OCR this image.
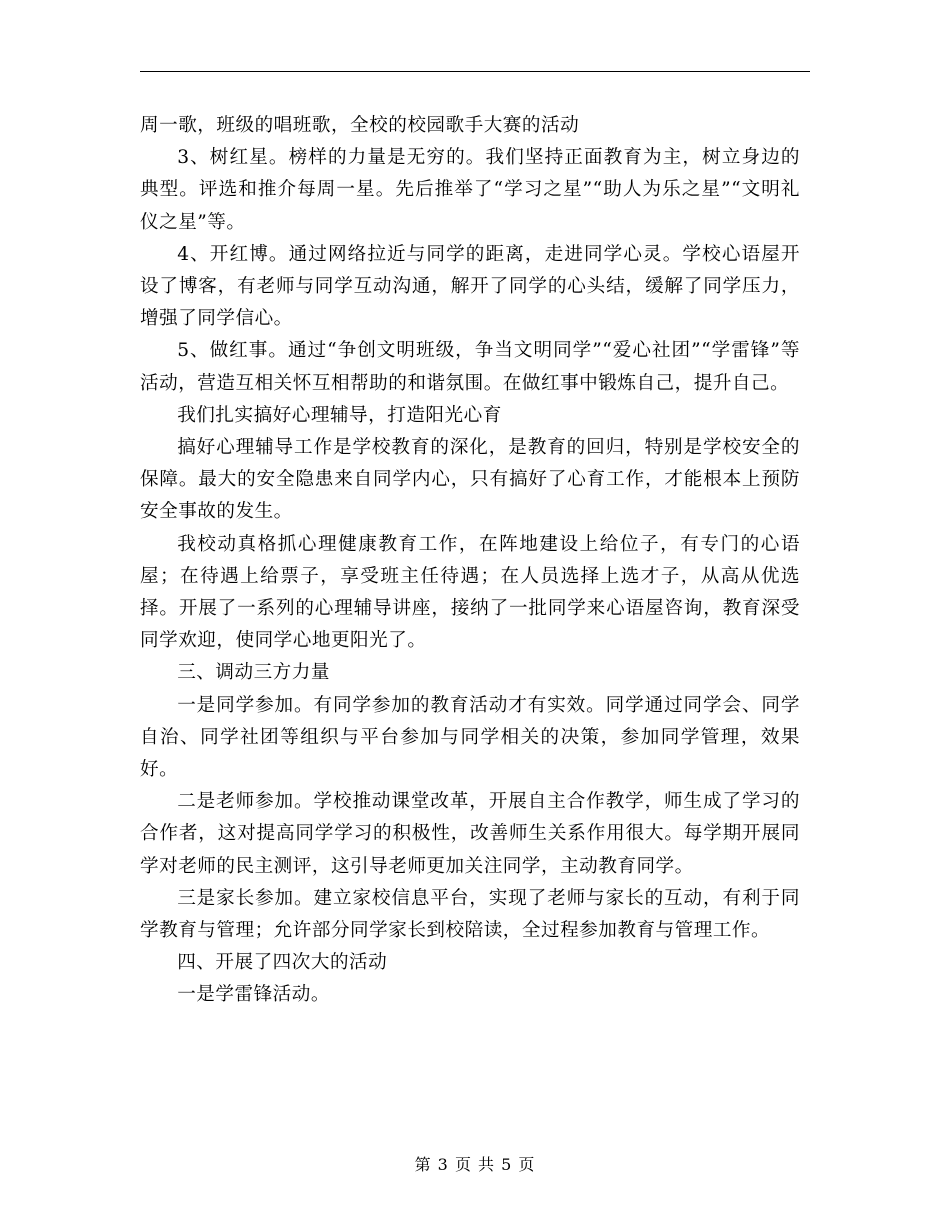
周一歌，班级的唱班歌，全校的校园歌手大赛的活动

3、树红星。榜样的力量是无穷的。我们坚持正面教育为主，树立身边的典型。评选和推介每周一星。先后推举了“学习之星”“助人为乐之星”“文明礼仪之星”等。

4、开红博。通过网络拉近与同学的距离，走进同学心灵。学校心语屋开设了博客，有老师与同学互动沟通，解开了同学的心头结，缓解了同学压力，增强了同学信心。

5、做红事。通过“争创文明班级，争当文明同学”“爱心社团”“学雷锋”等活动，营造互相关怀互相帮助的和谐氛围。在做红事中锻炼自己，提升自己。

我们扎实搞好心理辅导，打造阳光心育

搞好心理辅导工作是学校教育的深化，是教育的回归，特别是学校安全的保障。最大的安全隐患来自同学内心，只有搞好了心育工作，才能根本上预防安全事故的发生。

我校动真格抓心理健康教育工作，在阵地建设上给位子，有专门的心语屋；在待遇上给票子，享受班主任待遇；在人员选择上选才子，从高从优选择。开展了一系列的心理辅导讲座，接纳了一批同学来心语屋咨询，教育深受同学欢迎，使同学心地更阳光了。

三、调动三方力量

一是同学参加。有同学参加的教育活动才有实效。同学通过同学会、同学自治、同学社团等组织与平台参加与同学相关的决策，参加同学管理，效果好。

二是老师参加。学校推动课堂改革，开展自主合作教学，师生成了学习的合作者，这对提高同学学习的积极性，改善师生关系作用很大。每学期开展同学对老师的民主测评，这引导老师更加关注同学，主动教育同学。

三是家长参加。建立家校信息平台，实现了老师与家长的互动，有利于同学教育与管理；允许部分同学家长到校陪读，全过程参加教育与管理工作。

四、开展了四次大的活动

一是学雷锋活动。

第 3 页 共 5 页
